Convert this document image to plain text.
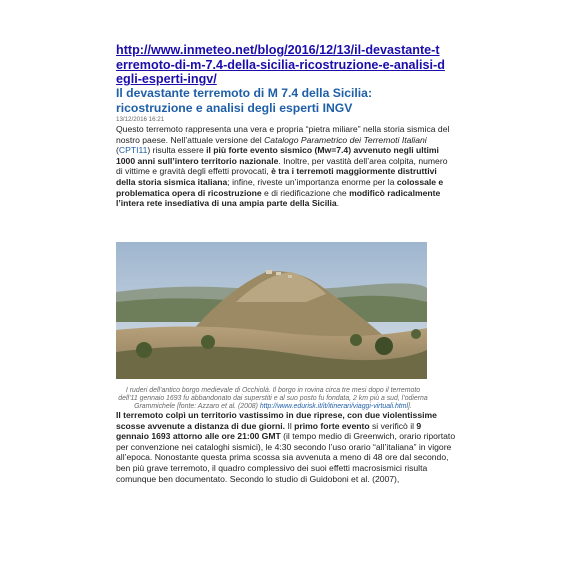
http://www.inmeteo.net/blog/2016/12/13/il-devastante-terremoto-di-m-7.4-della-sicilia-ricostruzione-e-analisi-degli-esperti-ingv/

Il devastante terremoto di M 7.4 della Sicilia: ricostruzione e analisi degli esperti INGV
13/12/2016 16:21

Questo terremoto rappresenta una vera e propria “pietra miliare” nella storia sismica del nostro paese. Nell’attuale versione del Catalogo Parametrico dei Terremoti Italiani (CPTI11) risulta essere il più forte evento sismico (Mw=7.4) avvenuto negli ultimi 1000 anni sull’intero territorio nazionale. Inoltre, per vastità dell’area colpita, numero di vittime e gravità degli effetti provocati, è tra i terremoti maggiormente distruttivi della storia sismica italiana; infine, riveste un’importanza enorme per la colossale e problematica opera di ricostruzione e di riedificazione che modificò radicalmente l’intera rete insediativa di una ampia parte della Sicilia.

I ruderi dell’antico borgo medievale di Occhiolà. Il borgo in rovina circa tre mesi dopo il terremoto dell’11 gennaio 1693 fu abbandonato dai superstiti e al suo posto fu fondata, 2 km più a sud, l’odierna Grammichele [fonte: Azzaro et al. (2008) http://www.edurisk.it/it/itinerari/viaggi-virtuali.html].

Il terremoto colpì un territorio vastissimo in due riprese, con due violentissime scosse avvenute a distanza di due giorni. Il primo forte evento si verificò il 9 gennaio 1693 attorno alle ore 21:00 GMT (il tempo medio di Greenwich, orario riportato per convenzione nei cataloghi sismici), le 4:30 secondo l’uso orario “all’italiana” in vigore all’epoca. Nonostante questa prima scossa sia avvenuta a meno di 48 ore dal secondo, ben più grave terremoto, il quadro complessivo dei suoi effetti macrosismici risulta comunque ben documentato. Secondo lo studio di Guidoboni et al. (2007),
